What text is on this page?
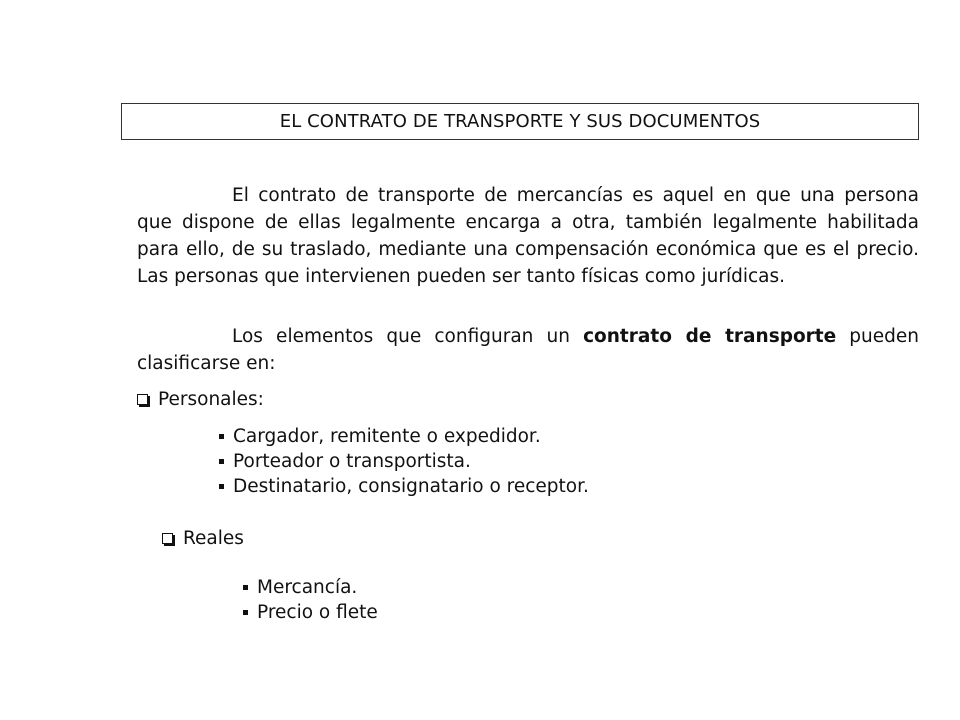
EL CONTRATO DE TRANSPORTE Y SUS DOCUMENTOS

El contrato de transporte de mercancías es aquel en que una persona que dispone de ellas legalmente encarga a otra, también legalmente habilitada para ello, de su traslado, mediante una compensación económica que es el precio. Las personas que intervienen pueden ser tanto físicas como jurídicas.

Los elementos que configuran un contrato de transporte pueden clasificarse en:

Personales:
Cargador, remitente o expedidor.
Porteador o transportista.
Destinatario, consignatario o receptor.
Reales
Mercancía.
Precio o flete
